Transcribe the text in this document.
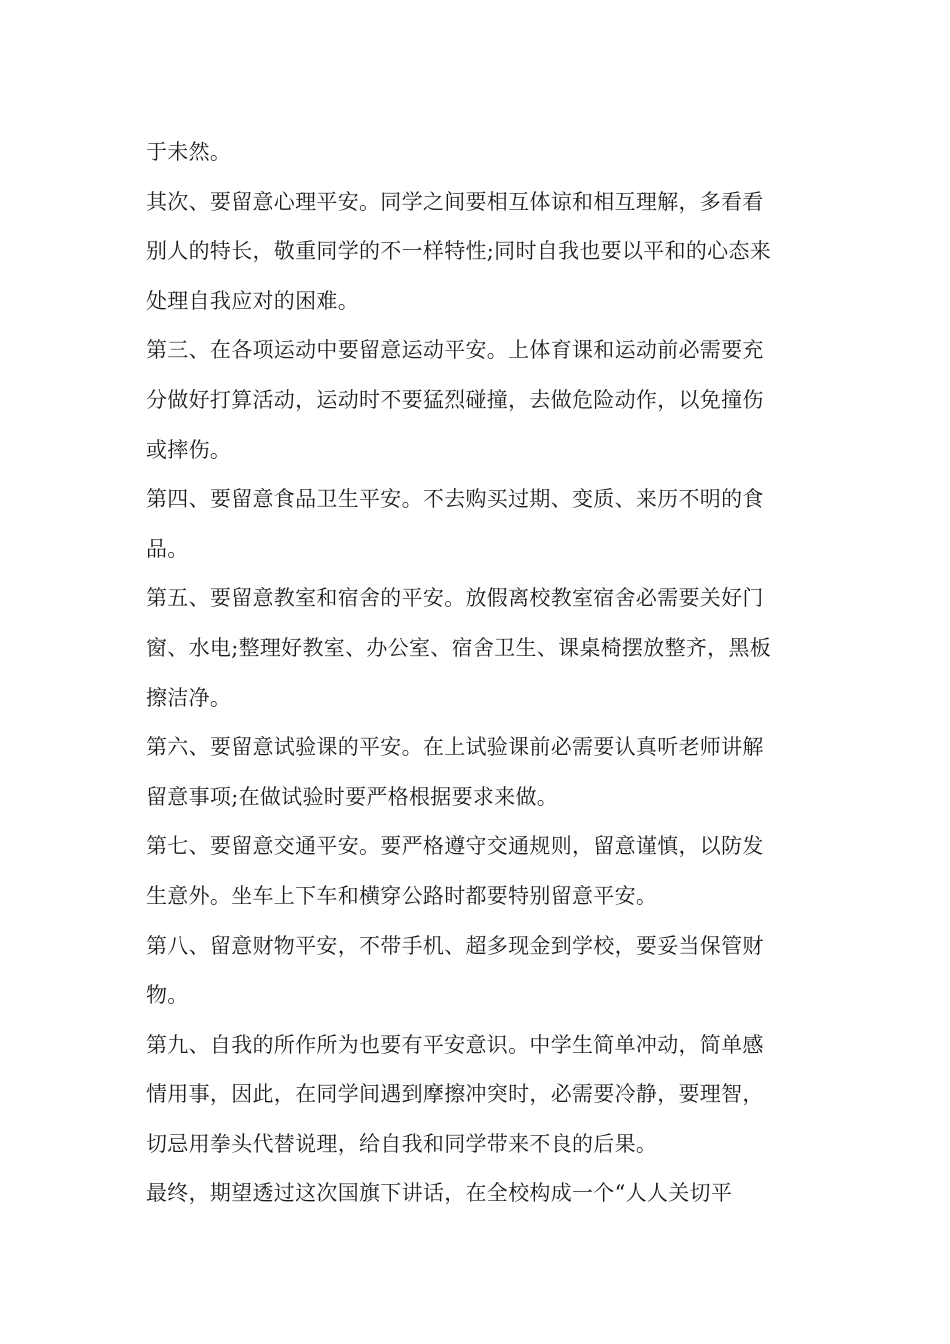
于未然。
其次、要留意心理平安。同学之间要相互体谅和相互理解，多看看
别人的特长，敬重同学的不一样特性;同时自我也要以平和的心态来
处理自我应对的困难。
第三、在各项运动中要留意运动平安。上体育课和运动前必需要充
分做好打算活动，运动时不要猛烈碰撞，去做危险动作，以免撞伤
或摔伤。
第四、要留意食品卫生平安。不去购买过期、变质、来历不明的食
品。
第五、要留意教室和宿舍的平安。放假离校教室宿舍必需要关好门
窗、水电;整理好教室、办公室、宿舍卫生、课桌椅摆放整齐，黑板
擦洁净。
第六、要留意试验课的平安。在上试验课前必需要认真听老师讲解
留意事项;在做试验时要严格根据要求来做。
第七、要留意交通平安。要严格遵守交通规则，留意谨慎，以防发
生意外。坐车上下车和横穿公路时都要特别留意平安。
第八、留意财物平安，不带手机、超多现金到学校，要妥当保管财
物。
第九、自我的所作所为也要有平安意识。中学生简单冲动，简单感
情用事，因此，在同学间遇到摩擦冲突时，必需要冷静，要理智，
切忌用拳头代替说理，给自我和同学带来不良的后果。
最终，期望透过这次国旗下讲话，在全校构成一个“人人关切平
